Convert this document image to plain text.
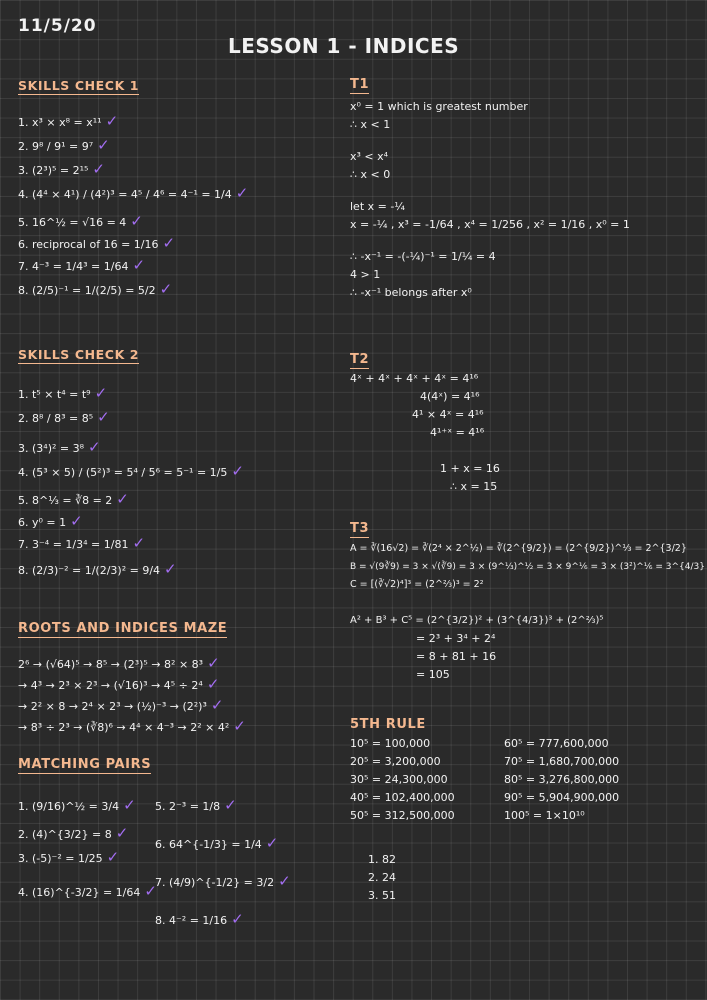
11/5/20
LESSON 1 - INDICES
SKILLS CHECK 1
1. x³ × x⁸ = x¹¹ ✓
2. 9⁸ / 9¹ = 9⁷ ✓
3. (2³)⁵ = 2¹⁵ ✓
4. (4⁴ × 4¹) / (4²)³ = 4⁵ / 4⁶ = 4⁻¹ = 1/4 ✓
5. 16^½ = √16 = 4 ✓
6. reciprocal of 16 = 1/16 ✓
7. 4⁻³ = 1/4³ = 1/64 ✓
8. (2/5)⁻¹ = 1/(2/5) = 5/2 ✓
SKILLS CHECK 2
1. t⁵ × t⁴ = t⁹ ✓
2. 8⁸ / 8³ = 8⁵ ✓
3. (3⁴)² = 3⁸ ✓
4. (5³ × 5) / (5²)³ = 5⁴ / 5⁶ = 5⁻¹ = 1/5 ✓
5. 8^⅓ = ∛8 = 2 ✓
6. y⁰ = 1 ✓
7. 3⁻⁴ = 1/3⁴ = 1/81 ✓
8. (2/3)⁻² = 1/(2/3)² = 9/4 ✓
ROOTS AND INDICES MAZE
2⁶ → (√64)⁵ → 8⁵ → (2³)⁵ → 8² × 8³ ✓
→ 4³ → 2³ × 2³ → (√16)³ → 4⁵ ÷ 2⁴ ✓
→ 2² × 8 → 2⁴ × 2³ → (½)⁻³ → (2²)³ ✓
→ 8³ ÷ 2³ → (∛8)⁶ → 4⁴ × 4⁻³ → 2² × 4² ✓
MATCHING PAIRS
1. (9/16)^½ = 3/4 ✓
2. (4)^{3/2} = 8 ✓
3. (-5)⁻² = 1/25 ✓
4. (16)^{-3/2} = 1/64 ✓
5. 2⁻³ = 1/8 ✓
6. 64^{-1/3} = 1/4 ✓
7. (4/9)^{-1/2} = 3/2 ✓
8. 4⁻² = 1/16 ✓
T1
x⁰ = 1 which is greatest number
∴ x < 1
x³ < x⁴
∴ x < 0
let x = -¼
x = -¼ , x³ = -1/64 , x⁴ = 1/256 , x² = 1/16 , x⁰ = 1
∴ -x⁻¹ = -(-¼)⁻¹ = 1/¼ = 4
4 > 1
∴ -x⁻¹ belongs after x⁰
T2
4ˣ + 4ˣ + 4ˣ + 4ˣ = 4¹⁶
4(4ˣ) = 4¹⁶
4¹ × 4ˣ = 4¹⁶
4¹⁺ˣ = 4¹⁶
1 + x = 16
∴ x = 15
T3
A = ∛(16√2) = ∛(2⁴ × 2^½) = ∛(2^{9/2}) = (2^{9/2})^⅓ = 2^{3/2}
B = √(9∛9) = 3 × √(∛9) = 3 × (9^⅓)^½ = 3 × 9^⅙ = 3 × (3²)^⅙ = 3^{4/3}
C = [(∛√2)⁴]³ = (2^⅔)³ = 2²
A² + B³ + C⁵ = (2^{3/2})² + (3^{4/3})³ + (2^⅔)⁵
= 2³ + 3⁴ + 2⁴
= 8 + 81 + 16
= 105
5TH RULE
10⁵ = 100,000
20⁵ = 3,200,000
30⁵ = 24,300,000
40⁵ = 102,400,000
50⁵ = 312,500,000
60⁵ = 777,600,000
70⁵ = 1,680,700,000
80⁵ = 3,276,800,000
90⁵ = 5,904,900,000
100⁵ = 1×10¹⁰
1. 82
2. 24
3. 51
